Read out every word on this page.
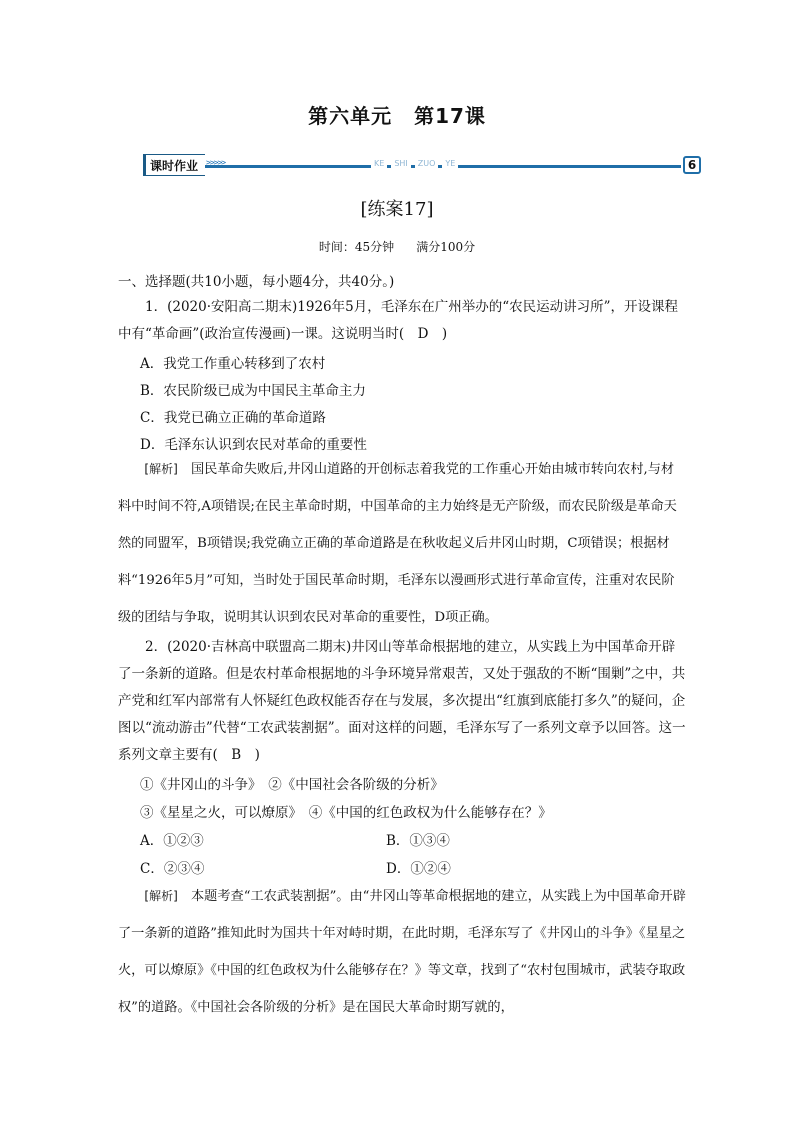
第六单元 第17课
课时作业 >>>>>	KE	SHI	ZUO	YE	6
[练案17]
时间：45分钟 满分100分
一、选择题(共10小题，每小题4分，共40分。)
1．(2020·安阳高二期末)1926年5月，毛泽东在广州举办的“农民运动讲习所”，开设课程中有“革命画”(政治宣传漫画)一课。这说明当时(　D　)
A．我党工作重心转移到了农村
B．农民阶级已成为中国民主革命主力
C．我党已确立正确的革命道路
D．毛泽东认识到农民对革命的重要性
[解析]　 国民革命失败后,井冈山道路的开创标志着我党的工作重心开始由城市转向农村,与材料中时间不符,A项错误;在民主革命时期，中国革命的主力始终是无产阶级，而农民阶级是革命天然的同盟军，B项错误;我党确立正确的革命道路是在秋收起义后井冈山时期，C项错误；根据材料“1926年5月”可知，当时处于国民革命时期，毛泽东以漫画形式进行革命宣传，注重对农民阶级的团结与争取，说明其认识到农民对革命的重要性，D项正确。
2．(2020·吉林高中联盟高二期末)井冈山等革命根据地的建立，从实践上为中国革命开辟了一条新的道路。但是农村革命根据地的斗争环境异常艰苦，又处于强敌的不断“围剿”之中，共产党和红军内部常有人怀疑红色政权能否存在与发展，多次提出“红旗到底能打多久”的疑问，企图以“流动游击”代替“工农武装割据”。面对这样的问题，毛泽东写了一系列文章予以回答。这一系列文章主要有(　B　)
①《井冈山的斗争》　②《中国社会各阶级的分析》
③《星星之火，可以燎原》　④《中国的红色政权为什么能够存在？》
A．①②③	B．①③④
C．②③④	D．①②④
[解析]　 本题考查“工农武装割据”。由“井冈山等革命根据地的建立，从实践上为中国革命开辟了一条新的道路”推知此时为国共十年对峙时期，在此时期，毛泽东写了《井冈山的斗争》《星星之火，可以燎原》《中国的红色政权为什么能够存在？》等文章，找到了“农村包围城市，武装夺取政权”的道路。《中国社会各阶级的分析》是在国民大革命时期写就的，
